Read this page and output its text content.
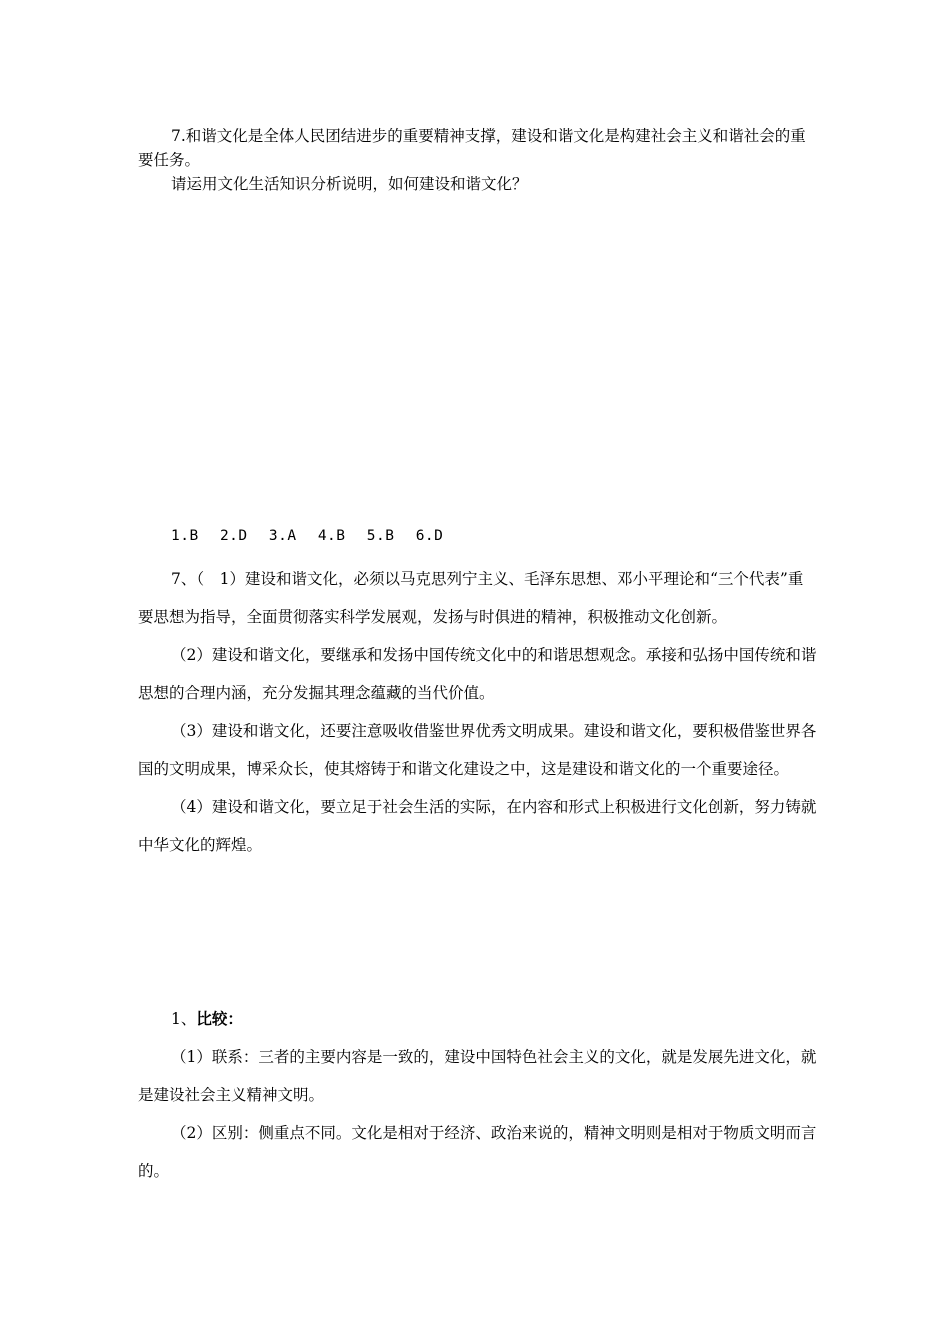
7.和谐文化是全体人民团结进步的重要精神支撑，建设和谐文化是构建社会主义和谐社会的重要任务。

请运用文化生活知识分析说明，如何建设和谐文化？

1.B 2.D 3.A 4.B 5.B 6.D

7、（　1）建设和谐文化，必须以马克思列宁主义、毛泽东思想、邓小平理论和“三个代表”重要思想为指导，全面贯彻落实科学发展观，发扬与时俱进的精神，积极推动文化创新。

（2）建设和谐文化，要继承和发扬中国传统文化中的和谐思想观念。承接和弘扬中国传统和谐思想的合理内涵，充分发掘其理念蕴藏的当代价值。

（3）建设和谐文化，还要注意吸收借鉴世界优秀文明成果。建设和谐文化，要积极借鉴世界各国的文明成果，博采众长，使其熔铸于和谐文化建设之中，这是建设和谐文化的一个重要途径。

（4）建设和谐文化，要立足于社会生活的实际，在内容和形式上积极进行文化创新，努力铸就中华文化的辉煌。

1、比较：

（1）联系：三者的主要内容是一致的，建设中国特色社会主义的文化，就是发展先进文化，就是建设社会主义精神文明。

（2）区别：侧重点不同。文化是相对于经济、政治来说的，精神文明则是相对于物质文明而言的。
